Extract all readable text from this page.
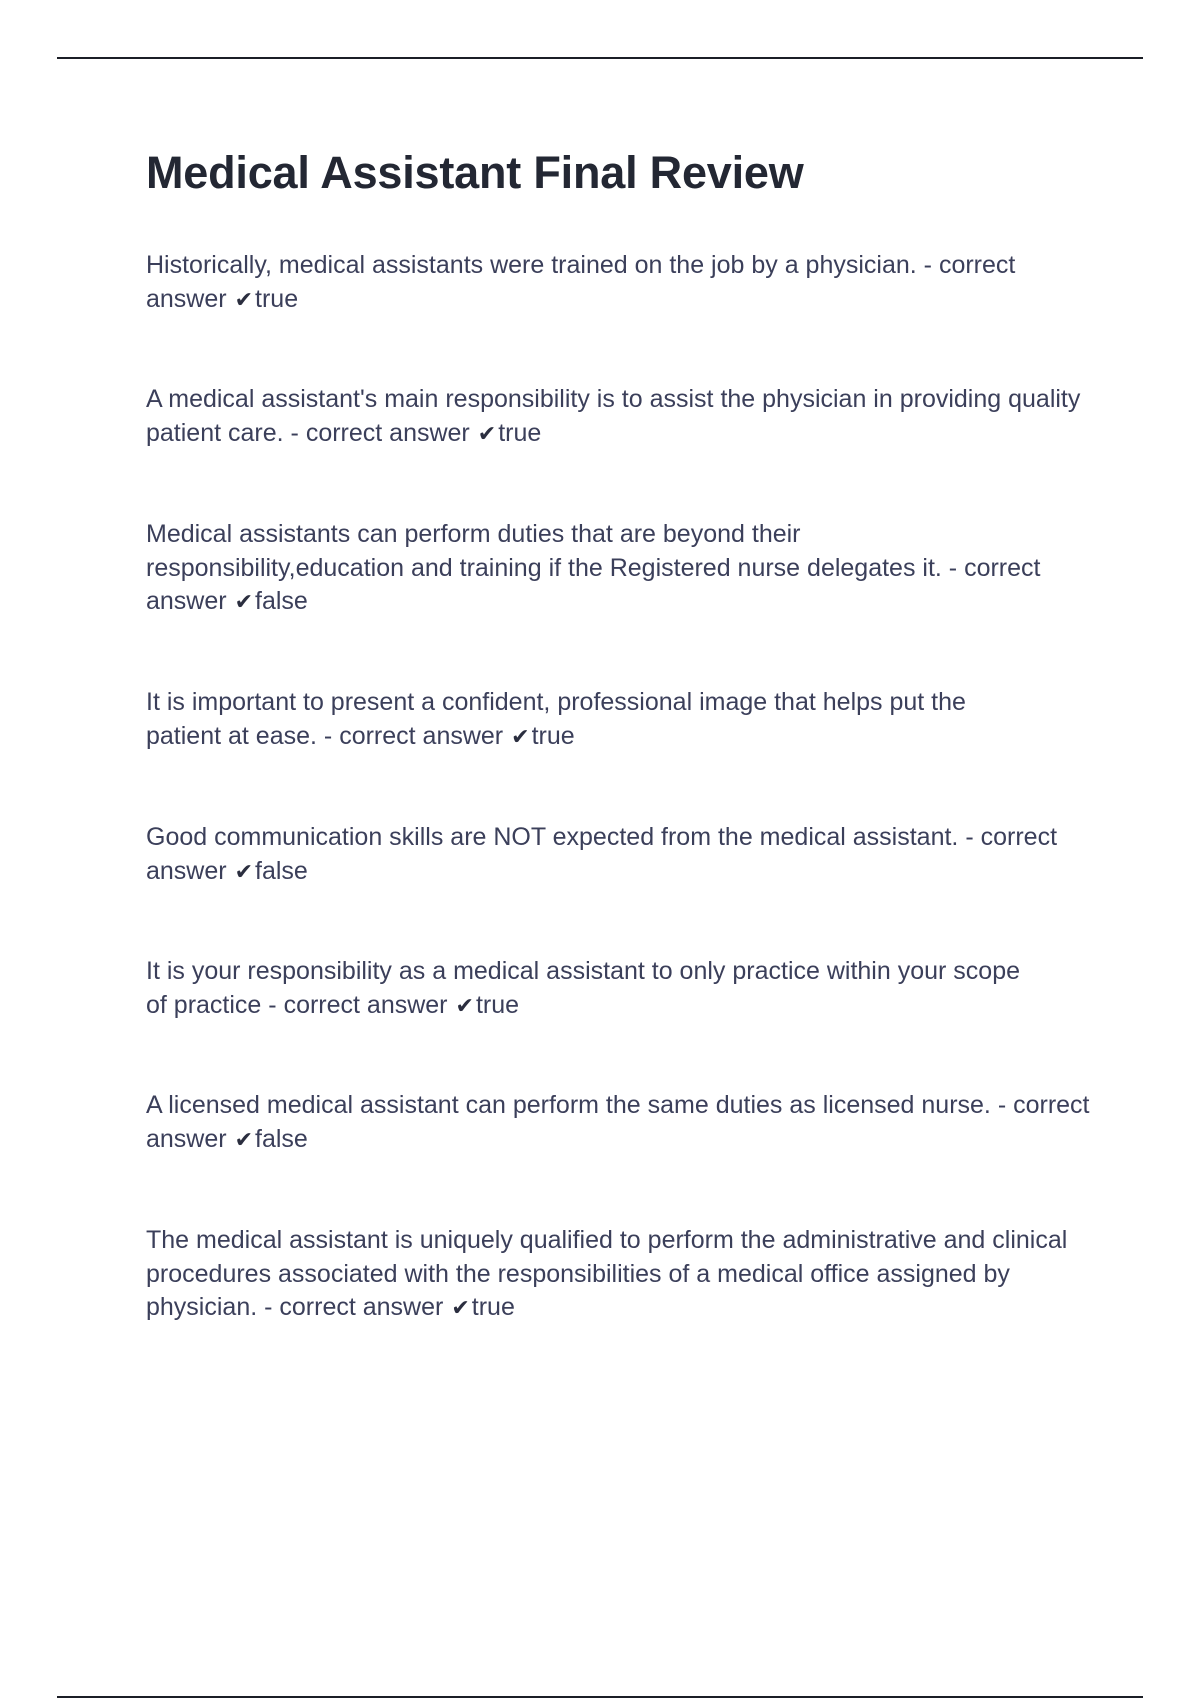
Medical Assistant Final Review
Historically, medical assistants were trained on the job by a physician. - correct answer ✔true
A medical assistant's main responsibility is to assist the physician in providing quality patient care. - correct answer ✔true
Medical assistants can perform duties that are beyond their responsibility,education and training if the Registered nurse delegates it. - correct answer ✔false
It is important to present a confident, professional image that helps put the patient at ease. - correct answer ✔true
Good communication skills are NOT expected from the medical assistant. - correct answer ✔false
It is your responsibility as a medical assistant to only practice within your scope of practice - correct answer ✔true
A licensed medical assistant can perform the same duties as licensed nurse. - correct answer ✔false
The medical assistant is uniquely qualified to perform the administrative and clinical procedures associated with the responsibilities of a medical office assigned by physician. - correct answer ✔true
